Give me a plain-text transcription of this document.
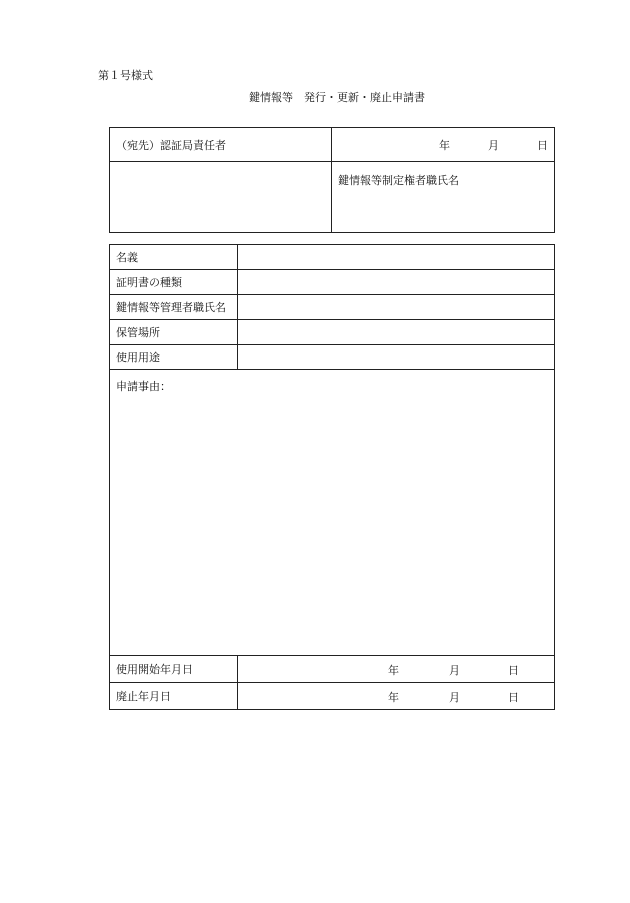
第１号様式
鍵情報等　発行・更新・廃止申請書
（宛先）認証局責任者	年 月 日

	鍵情報等制定権者職氏名
名義	
証明書の種類	
鍵情報等管理者職氏名	
保管場所	
使用用途	
申請事由：	
使用開始年月日	年 月 日

廃止年月日	年 月 日
